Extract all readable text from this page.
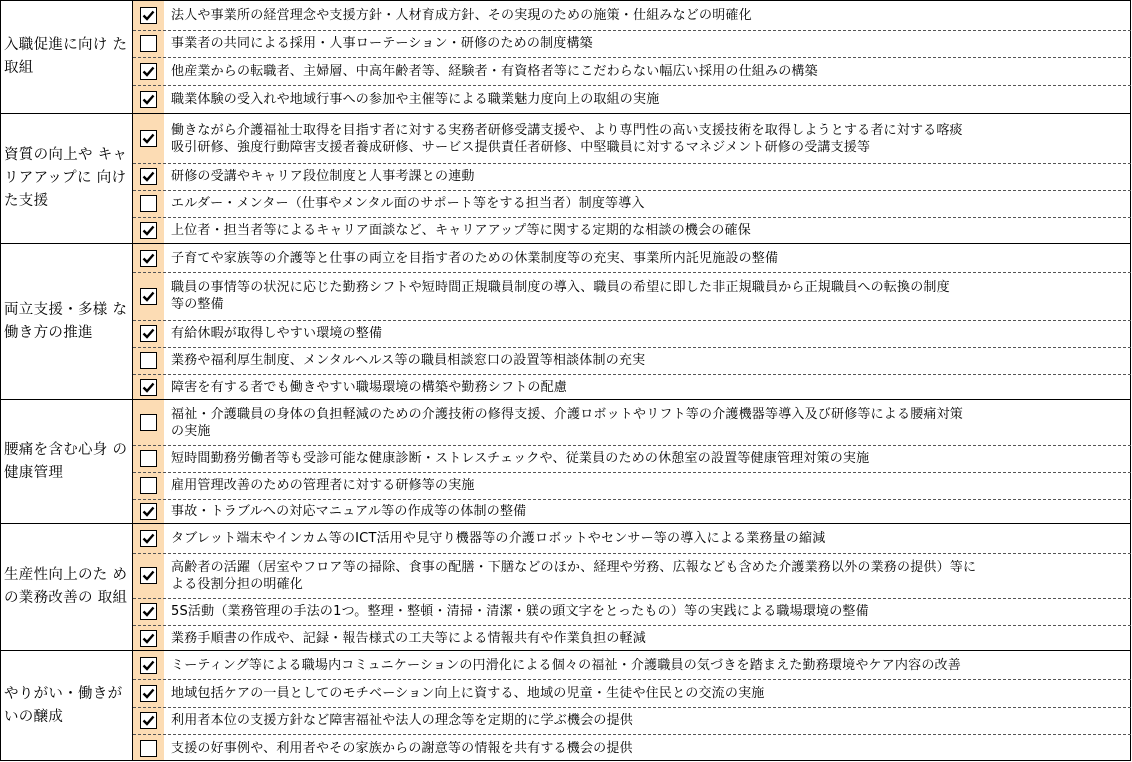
入職促進に向け た取組
法人や事業所の経営理念や支援方針・人材育成方針、その実現のための施策・仕組みなどの明確化
事業者の共同による採用・人事ローテーション・研修のための制度構築
他産業からの転職者、主婦層、中高年齢者等、経験者・有資格者等にこだわらない幅広い採用の仕組みの構築
職業体験の受入れや地域行事への参加や主催等による職業魅力度向上の取組の実施
資質の向上や キャリアアップに 向けた支援
働きながら介護福祉士取得を目指す者に対する実務者研修受講支援や、より専門性の高い支援技術を取得しようとする者に対する喀痰
吸引研修、強度行動障害支援者養成研修、サービス提供責任者研修、中堅職員に対するマネジメント研修の受講支援等
研修の受講やキャリア段位制度と人事考課との連動
エルダー・メンター（仕事やメンタル面のサポート等をする担当者）制度等導入
上位者・担当者等によるキャリア面談など、キャリアアップ等に関する定期的な相談の機会の確保
両立支援・多様 な働き方の推進
子育てや家族等の介護等と仕事の両立を目指す者のための休業制度等の充実、事業所内託児施設の整備
職員の事情等の状況に応じた勤務シフトや短時間正規職員制度の導入、職員の希望に即した非正規職員から正規職員への転換の制度
等の整備
有給休暇が取得しやすい環境の整備
業務や福利厚生制度、メンタルヘルス等の職員相談窓口の設置等相談体制の充実
障害を有する者でも働きやすい職場環境の構築や勤務シフトの配慮
腰痛を含む心身 の健康管理
福祉・介護職員の身体の負担軽減のための介護技術の修得支援、介護ロボットやリフト等の介護機器等導入及び研修等による腰痛対策
の実施
短時間勤務労働者等も受診可能な健康診断・ストレスチェックや、従業員のための休憩室の設置等健康管理対策の実施
雇用管理改善のための管理者に対する研修等の実施
事故・トラブルへの対応マニュアル等の作成等の体制の整備
生産性向上のた めの業務改善の 取組
タブレット端末やインカム等のICT活用や見守り機器等の介護ロボットやセンサー等の導入による業務量の縮減
高齢者の活躍（居室やフロア等の掃除、食事の配膳・下膳などのほか、経理や労務、広報なども含めた介護業務以外の業務の提供）等に
よる役割分担の明確化
5S活動（業務管理の手法の1つ。整理・整頓・清掃・清潔・躾の頭文字をとったもの）等の実践による職場環境の整備
業務手順書の作成や、記録・報告様式の工夫等による情報共有や作業負担の軽減
やりがい・働きが いの醸成
ミーティング等による職場内コミュニケーションの円滑化による個々の福祉・介護職員の気づきを踏まえた勤務環境やケア内容の改善
地域包括ケアの一員としてのモチベーション向上に資する、地域の児童・生徒や住民との交流の実施
利用者本位の支援方針など障害福祉や法人の理念等を定期的に学ぶ機会の提供
支援の好事例や、利用者やその家族からの謝意等の情報を共有する機会の提供
